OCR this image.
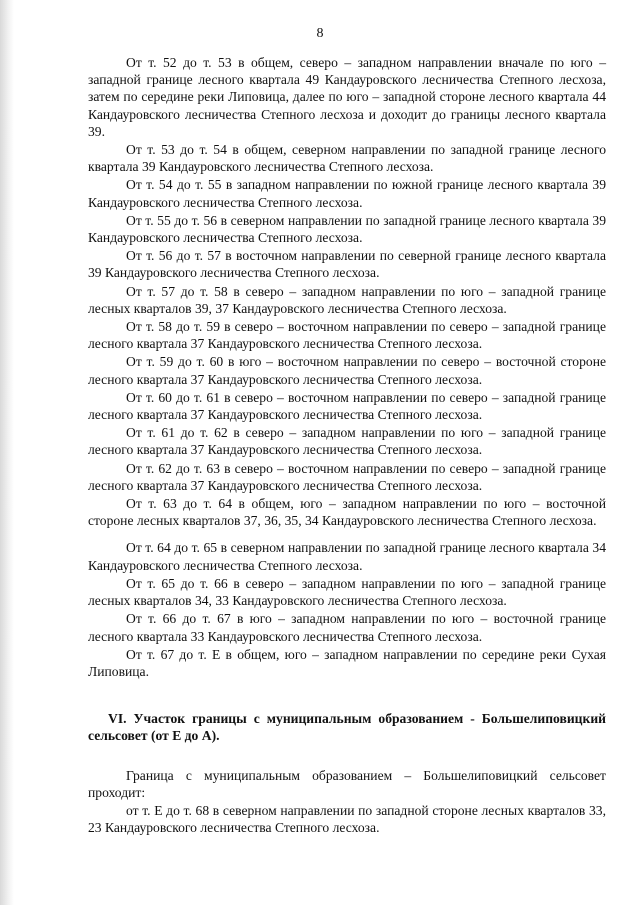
8

От т. 52 до т. 53 в общем, северо – западном направлении вначале по юго – западной границе лесного квартала 49 Кандауровского лесничества Степного лесхоза, затем по середине реки Липовица, далее по юго – западной стороне лесного квартала 44 Кандауровского лесничества Степного лесхоза и доходит до границы лесного квартала 39.

От т. 53 до т. 54 в общем, северном направлении по западной границе лесного квартала 39 Кандауровского лесничества Степного лесхоза.

От т. 54 до т. 55 в западном направлении по южной границе лесного квартала 39 Кандауровского лесничества Степного лесхоза.

От т. 55 до т. 56 в северном направлении по западной границе лесного квартала 39 Кандауровского лесничества Степного лесхоза.

От т. 56 до т. 57 в восточном направлении по северной границе лесного квартала 39 Кандауровского лесничества Степного лесхоза.

От т. 57 до т. 58 в северо – западном направлении по юго – западной границе лесных кварталов 39, 37 Кандауровского лесничества Степного лесхоза.

От т. 58 до т. 59 в северо – восточном направлении по северо – западной границе лесного квартала 37 Кандауровского лесничества Степного лесхоза.

От т. 59 до т. 60 в юго – восточном направлении по северо – восточной стороне лесного квартала 37 Кандауровского лесничества Степного лесхоза.

От т. 60 до т. 61 в северо – восточном направлении по северо – западной границе лесного квартала 37 Кандауровского лесничества Степного лесхоза.

От т. 61 до т. 62 в северо – западном направлении по юго – западной границе лесного квартала 37 Кандауровского лесничества Степного лесхоза.

От т. 62 до т. 63 в северо – восточном направлении по северо – западной границе лесного квартала 37 Кандауровского лесничества Степного лесхоза.

От т. 63 до т. 64 в общем, юго – западном направлении по юго – восточной стороне лесных кварталов 37, 36, 35, 34 Кандауровского лесничества Степного лесхоза.

От т. 64 до т. 65 в северном направлении по западной границе лесного квартала 34 Кандауровского лесничества Степного лесхоза.

От т. 65 до т. 66 в северо – западном направлении по юго – западной границе лесных кварталов 34, 33 Кандауровского лесничества Степного лесхоза.

От т. 66 до т. 67 в юго – западном направлении по юго – восточной границе лесного квартала 33 Кандауровского лесничества Степного лесхоза.

От т. 67 до т. Е в общем, юго – западном направлении по середине реки Сухая Липовица.

VI. Участок границы с муниципальным образованием - Большелиповицкий сельсовет (от Е до А).

Граница с муниципальным образованием – Большелиповицкий сельсовет проходит:

от т. Е до т. 68 в северном направлении по западной стороне лесных кварталов 33, 23 Кандауровского лесничества Степного лесхоза.
